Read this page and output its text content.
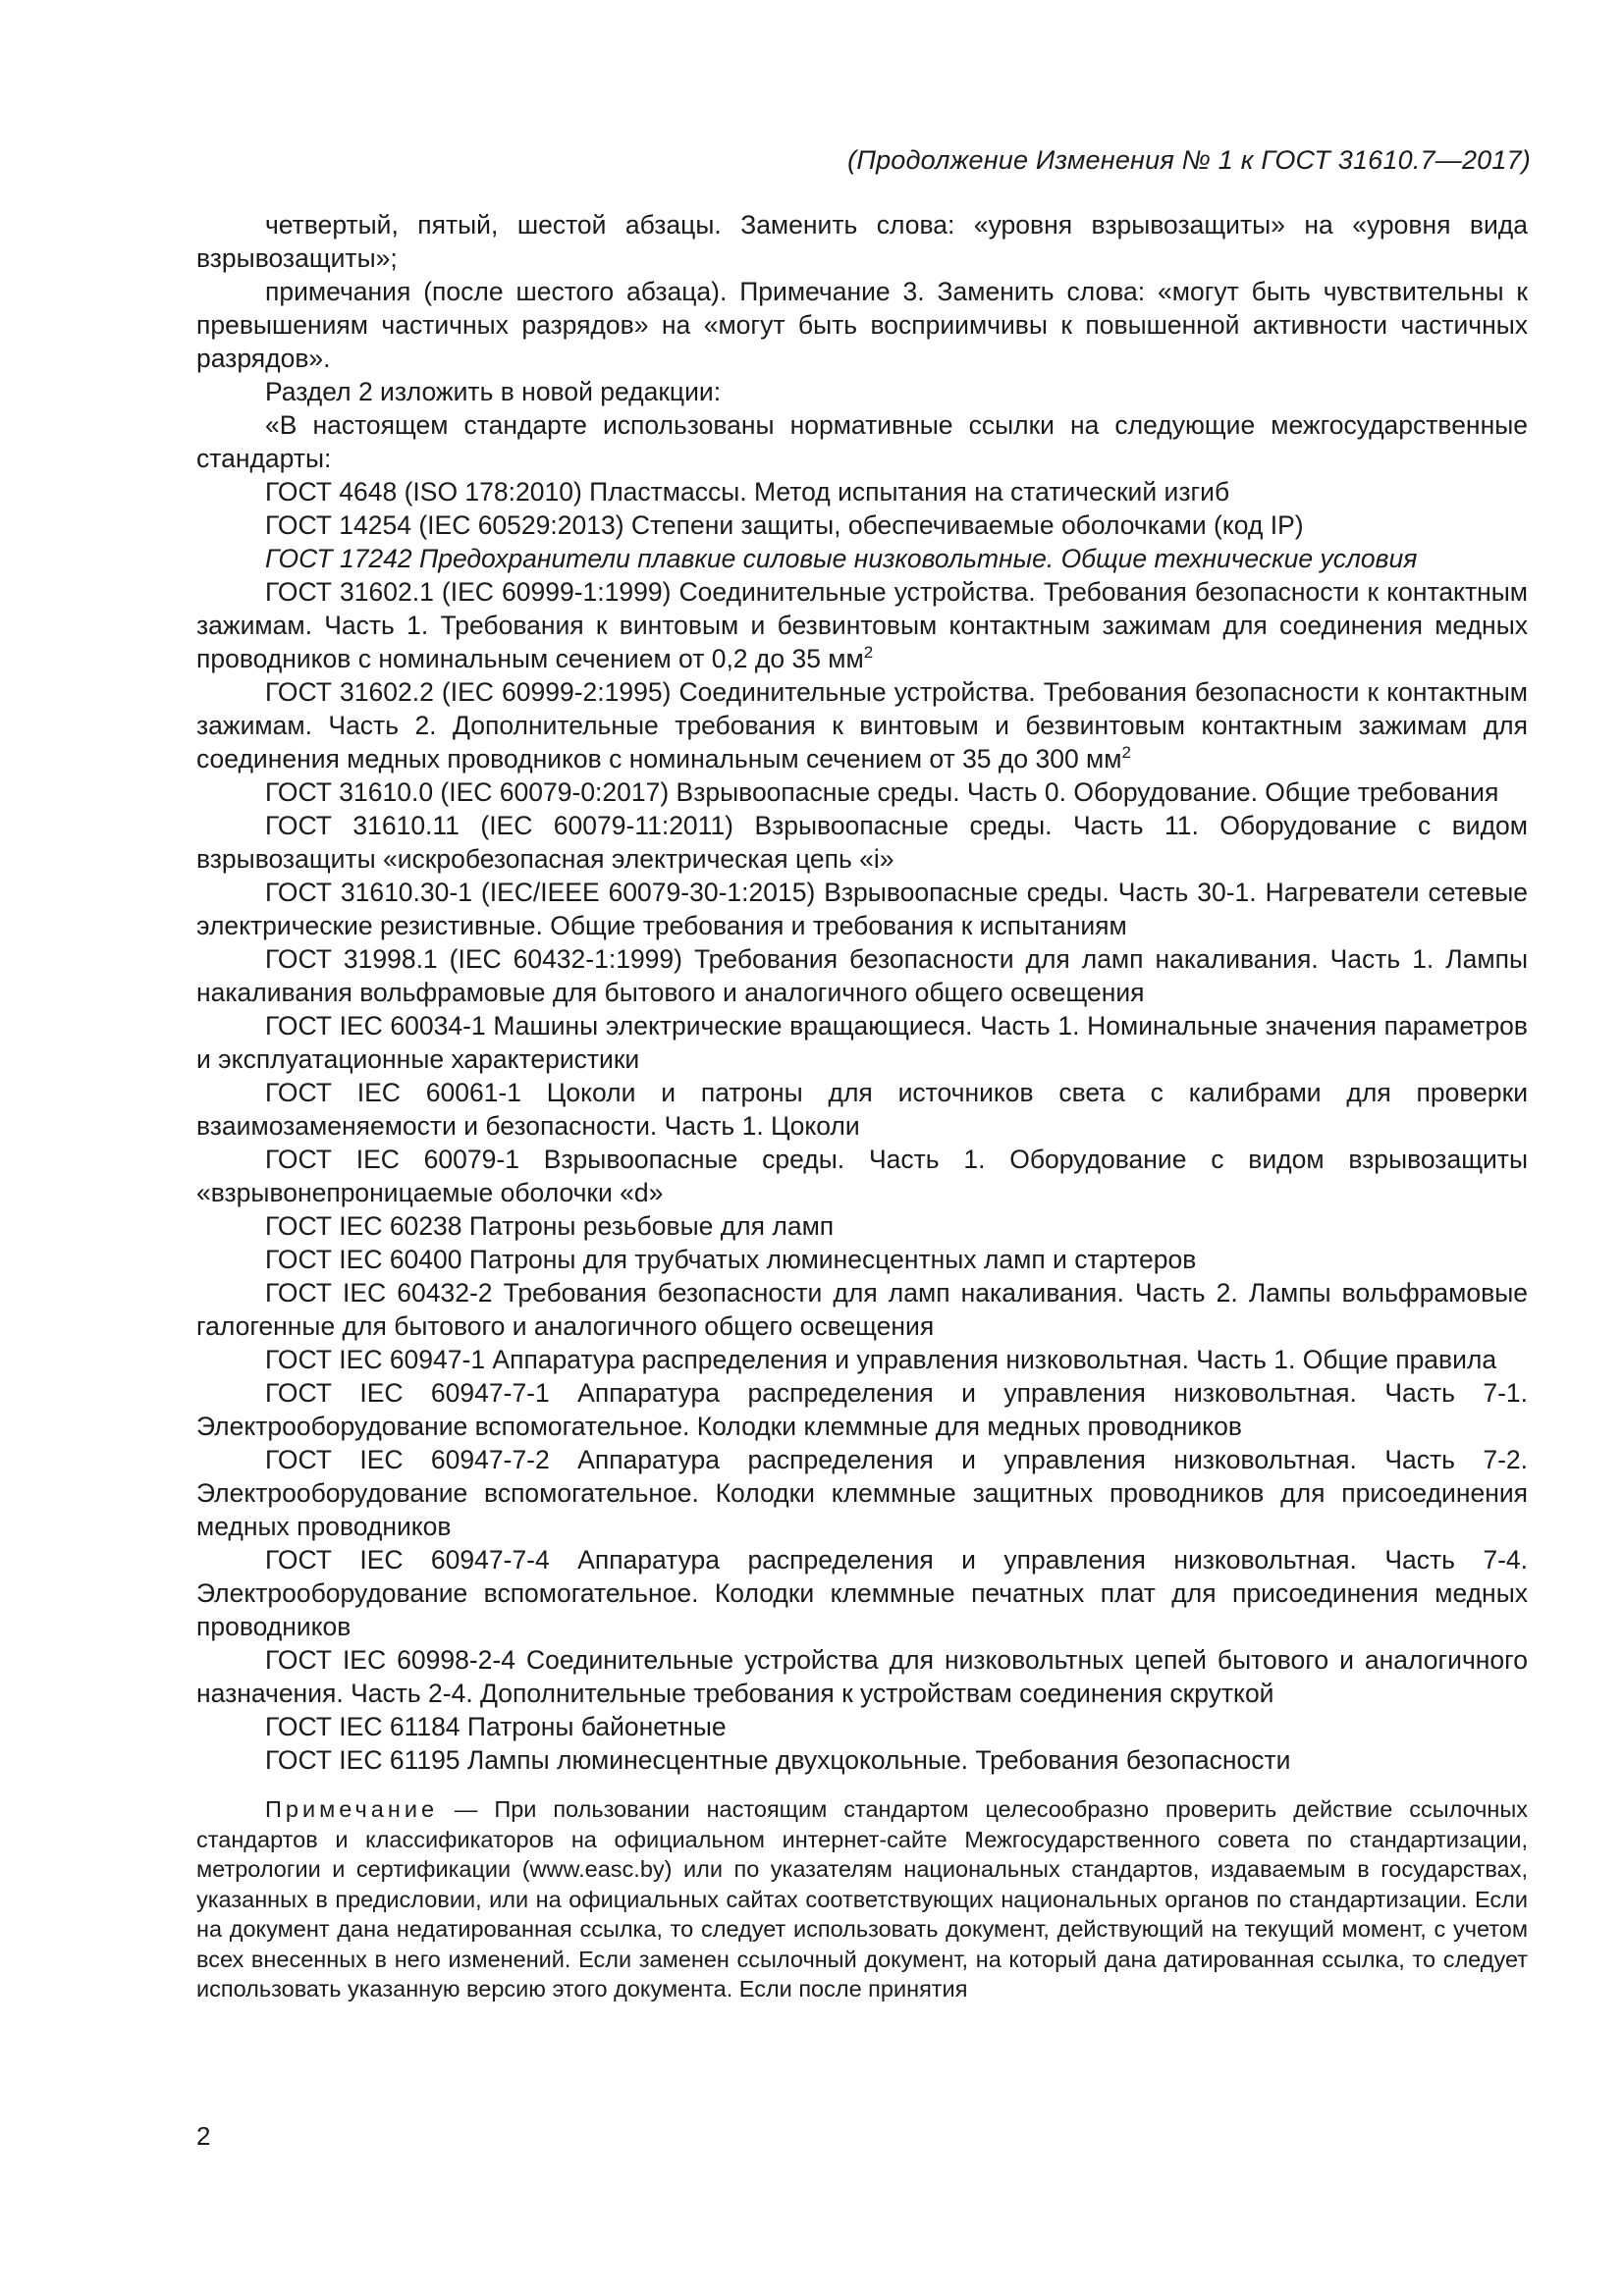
(Продолжение Изменения № 1 к ГОСТ 31610.7—2017)

четвертый, пятый, шестой абзацы. Заменить слова: «уровня взрывозащиты» на «уровня вида взрывозащиты»;

примечания (после шестого абзаца). Примечание 3. Заменить слова: «могут быть чувствительны к превышениям частичных разрядов» на «могут быть восприимчивы к повышенной активности частичных разрядов».

Раздел 2 изложить в новой редакции:

«В настоящем стандарте использованы нормативные ссылки на следующие межгосударственные стандарты:

ГОСТ 4648 (ISO 178:2010) Пластмассы. Метод испытания на статический изгиб

ГОСТ 14254 (IEC 60529:2013) Степени защиты, обеспечиваемые оболочками (код IP)

ГОСТ 17242 Предохранители плавкие силовые низковольтные. Общие технические условия

ГОСТ 31602.1 (IEC 60999-1:1999) Соединительные устройства. Требования безопасности к контактным зажимам. Часть 1. Требования к винтовым и безвинтовым контактным зажимам для соединения медных проводников с номинальным сечением от 0,2 до 35 $мм^2$

ГОСТ 31602.2 (IEC 60999-2:1995) Соединительные устройства. Требования безопасности к контактным зажимам. Часть 2. Дополнительные требования к винтовым и безвинтовым контактным зажимам для соединения медных проводников с номинальным сечением от 35 до 300 $мм^2$

ГОСТ 31610.0 (IEC 60079-0:2017) Взрывоопасные среды. Часть 0. Оборудование. Общие требования

ГОСТ 31610.11 (IEC 60079-11:2011) Взрывоопасные среды. Часть 11. Оборудование с видом взрывозащиты «искробезопасная электрическая цепь «i»

ГОСТ 31610.30-1 (IEC/IEEE 60079-30-1:2015) Взрывоопасные среды. Часть 30-1. Нагреватели сетевые электрические резистивные. Общие требования и требования к испытаниям

ГОСТ 31998.1 (IEC 60432-1:1999) Требования безопасности для ламп накаливания. Часть 1. Лампы накаливания вольфрамовые для бытового и аналогичного общего освещения

ГОСТ IEC 60034-1 Машины электрические вращающиеся. Часть 1. Номинальные значения параметров и эксплуатационные характеристики

ГОСТ IEC 60061-1 Цоколи и патроны для источников света с калибрами для проверки взаимозаменяемости и безопасности. Часть 1. Цоколи

ГОСТ IEC 60079-1 Взрывоопасные среды. Часть 1. Оборудование с видом взрывозащиты «взрывонепроницаемые оболочки «d»

ГОСТ IEC 60238 Патроны резьбовые для ламп

ГОСТ IEC 60400 Патроны для трубчатых люминесцентных ламп и стартеров

ГОСТ IEC 60432-2 Требования безопасности для ламп накаливания. Часть 2. Лампы вольфрамовые галогенные для бытового и аналогичного общего освещения

ГОСТ IEC 60947-1 Аппаратура распределения и управления низковольтная. Часть 1. Общие правила

ГОСТ IEC 60947-7-1 Аппаратура распределения и управления низковольтная. Часть 7-1. Электрооборудование вспомогательное. Колодки клеммные для медных проводников

ГОСТ IEC 60947-7-2 Аппаратура распределения и управления низковольтная. Часть 7-2. Электрооборудование вспомогательное. Колодки клеммные защитных проводников для присоединения медных проводников

ГОСТ IEC 60947-7-4 Аппаратура распределения и управления низковольтная. Часть 7-4. Электрооборудование вспомогательное. Колодки клеммные печатных плат для присоединения медных проводников

ГОСТ IEC 60998-2-4 Соединительные устройства для низковольтных цепей бытового и аналогичного назначения. Часть 2-4. Дополнительные требования к устройствам соединения скруткой

ГОСТ IEC 61184 Патроны байонетные

ГОСТ IEC 61195 Лампы люминесцентные двухцокольные. Требования безопасности

Примечание — При пользовании настоящим стандартом целесообразно проверить действие ссылочных стандартов и классификаторов на официальном интернет-сайте Межгосударственного совета по стандартизации, метрологии и сертификации (www.easc.by) или по указателям национальных стандартов, издаваемым в государствах, указанных в предисловии, или на официальных сайтах соответствующих национальных органов по стандартизации. Если на документ дана недатированная ссылка, то следует использовать документ, действующий на текущий момент, с учетом всех внесенных в него изменений. Если заменен ссылочный документ, на который дана датированная ссылка, то следует использовать указанную версию этого документа. Если после принятия

2
